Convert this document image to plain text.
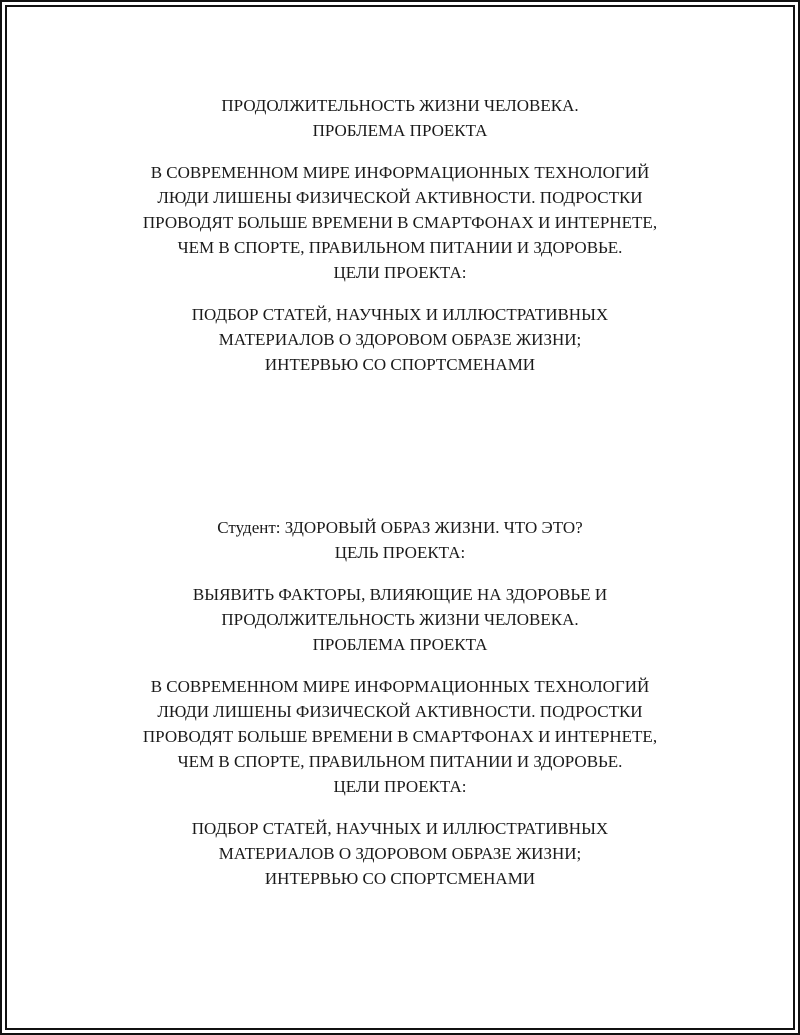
ПРОДОЛЖИТЕЛЬНОСТЬ ЖИЗНИ ЧЕЛОВЕКА.

ПРОБЛЕМА ПРОЕКТА

В СОВРЕМЕННОМ МИРЕ ИНФОРМАЦИОННЫХ ТЕХНОЛОГИЙ

ЛЮДИ ЛИШЕНЫ ФИЗИЧЕСКОЙ АКТИВНОСТИ. ПОДРОСТКИ

ПРОВОДЯТ БОЛЬШЕ ВРЕМЕНИ В СМАРТФОНАХ И ИНТЕРНЕТЕ,

ЧЕМ В СПОРТЕ, ПРАВИЛЬНОМ ПИТАНИИ И ЗДОРОВЬЕ.

ЦЕЛИ ПРОЕКТА:

ПОДБОР СТАТЕЙ, НАУЧНЫХ И ИЛЛЮСТРАТИВНЫХ

МАТЕРИАЛОВ О ЗДОРОВОМ ОБРАЗЕ ЖИЗНИ;

ИНТЕРВЬЮ СО СПОРТСМЕНАМИ

Студент: ЗДОРОВЫЙ ОБРАЗ ЖИЗНИ. ЧТО ЭТО?

ЦЕЛЬ ПРОЕКТА:

ВЫЯВИТЬ ФАКТОРЫ, ВЛИЯЮЩИЕ НА ЗДОРОВЬЕ И

ПРОДОЛЖИТЕЛЬНОСТЬ ЖИЗНИ ЧЕЛОВЕКА.

ПРОБЛЕМА ПРОЕКТА

В СОВРЕМЕННОМ МИРЕ ИНФОРМАЦИОННЫХ ТЕХНОЛОГИЙ

ЛЮДИ ЛИШЕНЫ ФИЗИЧЕСКОЙ АКТИВНОСТИ. ПОДРОСТКИ

ПРОВОДЯТ БОЛЬШЕ ВРЕМЕНИ В СМАРТФОНАХ И ИНТЕРНЕТЕ,

ЧЕМ В СПОРТЕ, ПРАВИЛЬНОМ ПИТАНИИ И ЗДОРОВЬЕ.

ЦЕЛИ ПРОЕКТА:

ПОДБОР СТАТЕЙ, НАУЧНЫХ И ИЛЛЮСТРАТИВНЫХ

МАТЕРИАЛОВ О ЗДОРОВОМ ОБРАЗЕ ЖИЗНИ;

ИНТЕРВЬЮ СО СПОРТСМЕНАМИ
